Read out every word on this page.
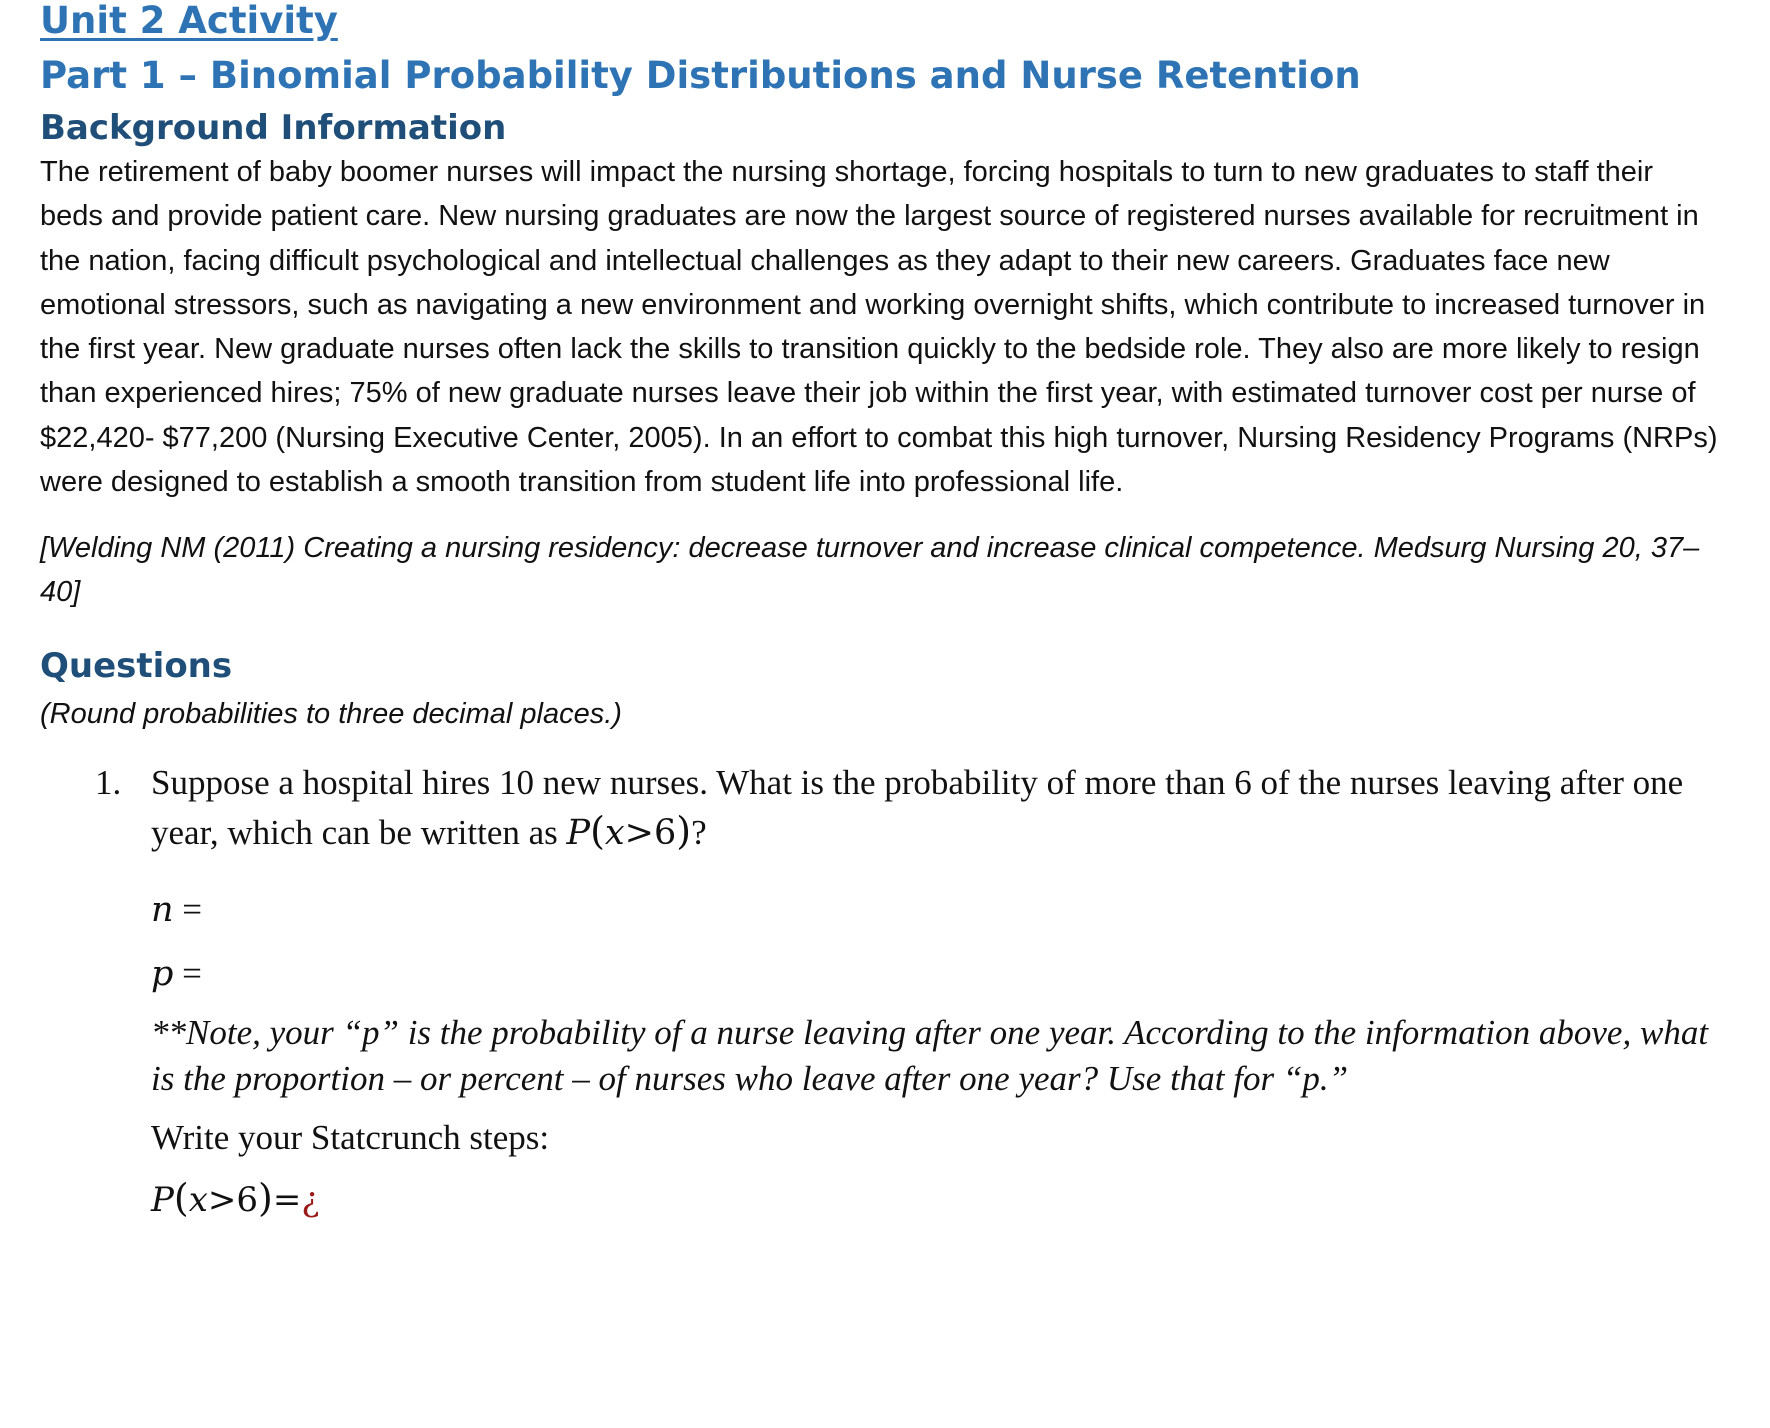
Unit 2 Activity
Part 1 – Binomial Probability Distributions and Nurse Retention
Background Information

The retirement of baby boomer nurses will impact the nursing shortage, forcing hospitals to turn to new graduates to staff their beds and provide patient care. New nursing graduates are now the largest source of registered nurses available for recruitment in the nation, facing difficult psychological and intellectual challenges as they adapt to their new careers. Graduates face new emotional stressors, such as navigating a new environment and working overnight shifts, which contribute to increased turnover in the first year. New graduate nurses often lack the skills to transition quickly to the bedside role. They also are more likely to resign than experienced hires; 75% of new graduate nurses leave their job within the first year, with estimated turnover cost per nurse of $22,420- $77,200 (Nursing Executive Center, 2005). In an effort to combat this high turnover, Nursing Residency Programs (NRPs) were designed to establish a smooth transition from student life into professional life.

[Welding NM (2011) Creating a nursing residency: decrease turnover and increase clinical competence. Medsurg Nursing 20, 37–40]

Questions

(Round probabilities to three decimal places.)

1. Suppose a hospital hires 10 new nurses. What is the probability of more than 6 of the nurses leaving after one year, which can be written as P(x>6)?

n =

p =

**Note, your “p” is the probability of a nurse leaving after one year. According to the information above, what is the proportion – or percent – of nurses who leave after one year? Use that for “p.”

Write your Statcrunch steps:

P(x>6)=¿
